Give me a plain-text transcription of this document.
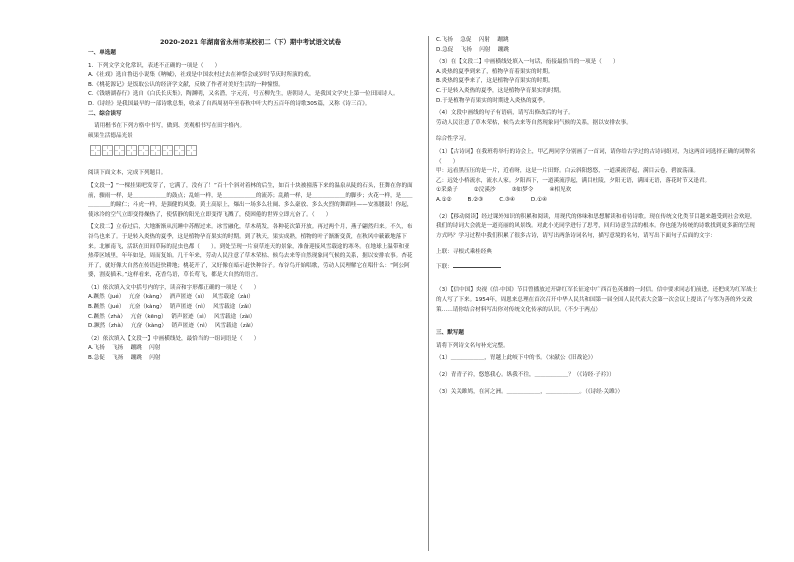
2020-2021 年湖南省永州市某校初二（下）期中考试语文试卷

一、单选题

1．下列文学文化常识，表述不正确的一项是（　　）

A.《社戏》选自鲁迅小说集《呐喊》，社戏是中国农村过去在神祭会或岁时节庆时所演的戏。

B.《桃花源记》是饭取公认的经济学文献，反映了作者对美好生活的一种憧憬。

C.《钱塘湖春行》选自《白氏长庆集》，陶渊明，又名潜，字元亮，号五柳先生，唐朝诗人，是我国文学史上第一位田园诗人。

D.《诗经》是我国最早的一部诗歌总集，收录了自西周初年至春秋中叶大约五百年的诗歌305篇，又称《诗三百》。

二、综合读写

请用楷书在下列方格中书写，做到、美观相书写在田字格内。

硕果生活德品光景

阅读下面文本，完成下列题目。

【文段一】“一棵挂果吧发芽了，它满了，没有了！”百十个斜对着林的后生，如百十块被撞落下来的温泉从陡的石头，狂舞在你的面前，骤雨一样，是＿＿＿＿＿＿的鼓点；乱蛙一样，是＿＿＿＿＿＿的流苏；乱鹅一样，是＿＿＿＿＿＿的脚步；火花一样，是＿＿＿＿＿＿的瞳仁；斗虎一样，是强健的风姿。黄土高原上，爆出一场多么壮阔、多么豪放、多么火烈的舞蹈哇——安塞腰鼓！你起，使冰冷的空气立即变得燥热了，使恬静的阳光立即变得飞溅了，使困倦的世界立即亢奋了。（　　）

【文段二】立春过后，大地渐渐从沉睡中苏醒过来。冰雪融化，草木萌发，各种花次第开放。再过两个月，燕子翩然归来。不久，布谷鸟也来了。于是转入炎热的夏季，这是植物孕育果实的时期。到了秋天，果实成熟，植物的叶子渐渐变黄，在秋风中簌簌地落下来。北雁南飞，活跃在田间草际的昆虫也都（　　）。到处呈现一片衰草连天的景象，准备迎接风雪载途的寒冬。在地球上温带和亚热带区域里，年年如是，周而复始。几千年来，劳动人民注意了草木荣枯、候鸟去来等自然现象同气候的关系，据以安排农事。杏花开了，就好像大自然在传语赶快耕地；桃花开了，又好像在暗示赶快种谷子。布谷鸟开始唱歌，劳动人民理解它在唱什么：“阿公阿婆，割麦插禾。”这样看来，花香鸟语，草长莺飞，都是大自然的语言。

（1）依次填入文中括号内的字，读音和字形都正确的一项是（　　）

A.蹶然（jué）　 亢奋（kàng）　 酒声匿迹（sì）　 风雪载途（zài）

B.蹶然（jué）　 亢奋（kàng）　 销声匿迹（nì）　 风雪载途（zǎi）

C.蹶然（zhà）　 亢奋（kēng）　 销声匿迹（sì）　 风雪载途（zài）

D.蹶然（zhà）　 亢奋（kàng）　 销声匿迹（nì）　 风雪载途（zǎi）

（2）依次填入【文段一】中画横线处，最恰当的一组词语是（　　）

A.飞扬　 飞扬　 蹦跳　 闪射

B.急促　 飞扬　 蹦跳　 闪射

C.飞扬　 急促　 闪射　 蹦跳

D.急促　 飞扬　 闪射　 蹦跳

（3）在【文段二】中画横线处填入一句话，衔接最恰当的一项是（　　）

A.炎热的夏季到来了，植物孕育着果实的时期。

B.炎热的夏季来了，这是植物孕育果实的时期。

C.于是转入炎热的夏季，这是植物孕育果实的时期。

D.于是植物孕育果实的时期进入炎热的夏季。

（4）文段中画线的句子有语病，请写出修改后的句子。

劳动人民注意了草木荣枯，候鸟去来等自然现象同气候的关系，据以安排农事。

综合性学习。

（1）【古诗词】在我班将举行的诗会上，甲乙两同学分别画了一首词，请你给古学过的古诗词组对，为这两首词选择正确的词牌名（　　）

甲：远看黑压压的是一片，近看呀，这是一片田野。白云斜阳悠悠，一道溪流浮起，满目云卷，碧波荡漾。

乙：远处小桥流水，流水人家。夕阳西下，一道溪流浮起，满目杜陵，夕阳无语，满园无语，落花时节又逢君。

①采桑子	②浣溪沙	③如梦令	④相见欢
A.①②	B.②③	C.③④	D.①④

（2）【移动阅读】经过课外知识的积累和阅读，用现代的体味和思想解读和看待诗歌。现在传统文化类节目越来越受到社会欢迎，我们的诗词大会就是一道亮丽的风景线。对此小光同学进行了思考，回归诗意生活的根本。你也能为传统的诗歌找到更多新的呈现方式吗？学习过程中我们积累了很多古诗，请写出两条诗词名句，描写意境的名句，请写出下面句子后面的文字：

上联：寻根式乘桂经典

下联：

（3）【信中国】央视《信·中国》节目曾播放过开辟红军长征途中广西百色英雄的一封信。信中要求同志们前进，还把成为红军战士的人写了下来。1954年，周恩来总理在首次召开中华人民共和国第一届全国人民代表大会第一次会议上提出了与邻为善的外交政策……请你结合材料写出你对传统文化传承的认识。（不少于两点）

三、默写题

请将下列诗文名句补充完整。

（1）＿＿＿＿＿＿，胃越上此岐下中的书。（宋献公《旧战论》）

（2）青青子衿，悠悠我心。纵我不往，＿＿＿＿＿＿？（《诗经·子衿》）

（3）关关雎鸠，在河之洲。＿＿＿＿＿＿，＿＿＿＿＿＿。（《诗经·关雎》）
